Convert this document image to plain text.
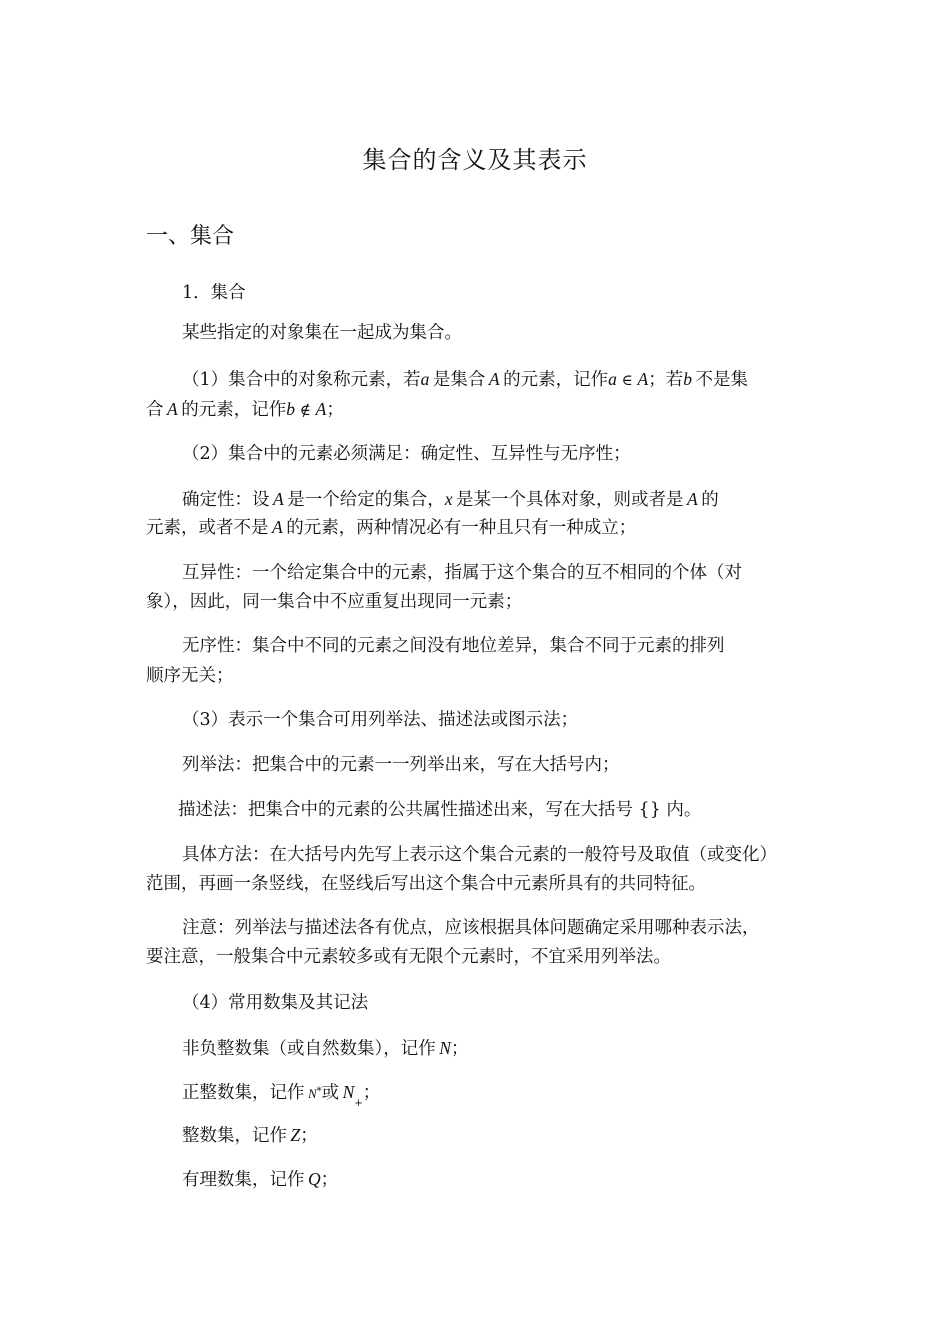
集合的含义及其表示
一、集合
1．集合
某些指定的对象集在一起成为集合。
（1）集合中的对象称元素，若a  是集合  A  的元素，记作a ∈ A；若b  不是集
合  A  的元素，记作b ∉ A；
（2）集合中的元素必须满足：确定性、互异性与无序性；
确定性：设  A  是一个给定的集合，x  是某一个具体对象，则或者是  A  的
元素，或者不是  A  的元素，两种情况必有一种且只有一种成立；
互异性：一个给定集合中的元素，指属于这个集合的互不相同的个体（对
象），因此，同一集合中不应重复出现同一元素；
无序性：集合中不同的元素之间没有地位差异，集合不同于元素的排列
顺序无关；
（3）表示一个集合可用列举法、描述法或图示法；
列举法：把集合中的元素一一列举出来，写在大括号内；
描述法：把集合中的元素的公共属性描述出来，写在大括号 {} 内。
具体方法：在大括号内先写上表示这个集合元素的一般符号及取值（或变化）
范围，再画一条竖线，在竖线后写出这个集合中元素所具有的共同特征。
注意：列举法与描述法各有优点，应该根据具体问题确定采用哪种表示法，
要注意，一般集合中元素较多或有无限个元素时，不宜采用列举法。
（4）常用数集及其记法
非负整数集（或自然数集），记作  N；
正整数集，记作  N*或  $N_+$；
整数集，记作  Z；
有理数集，记作  Q；
